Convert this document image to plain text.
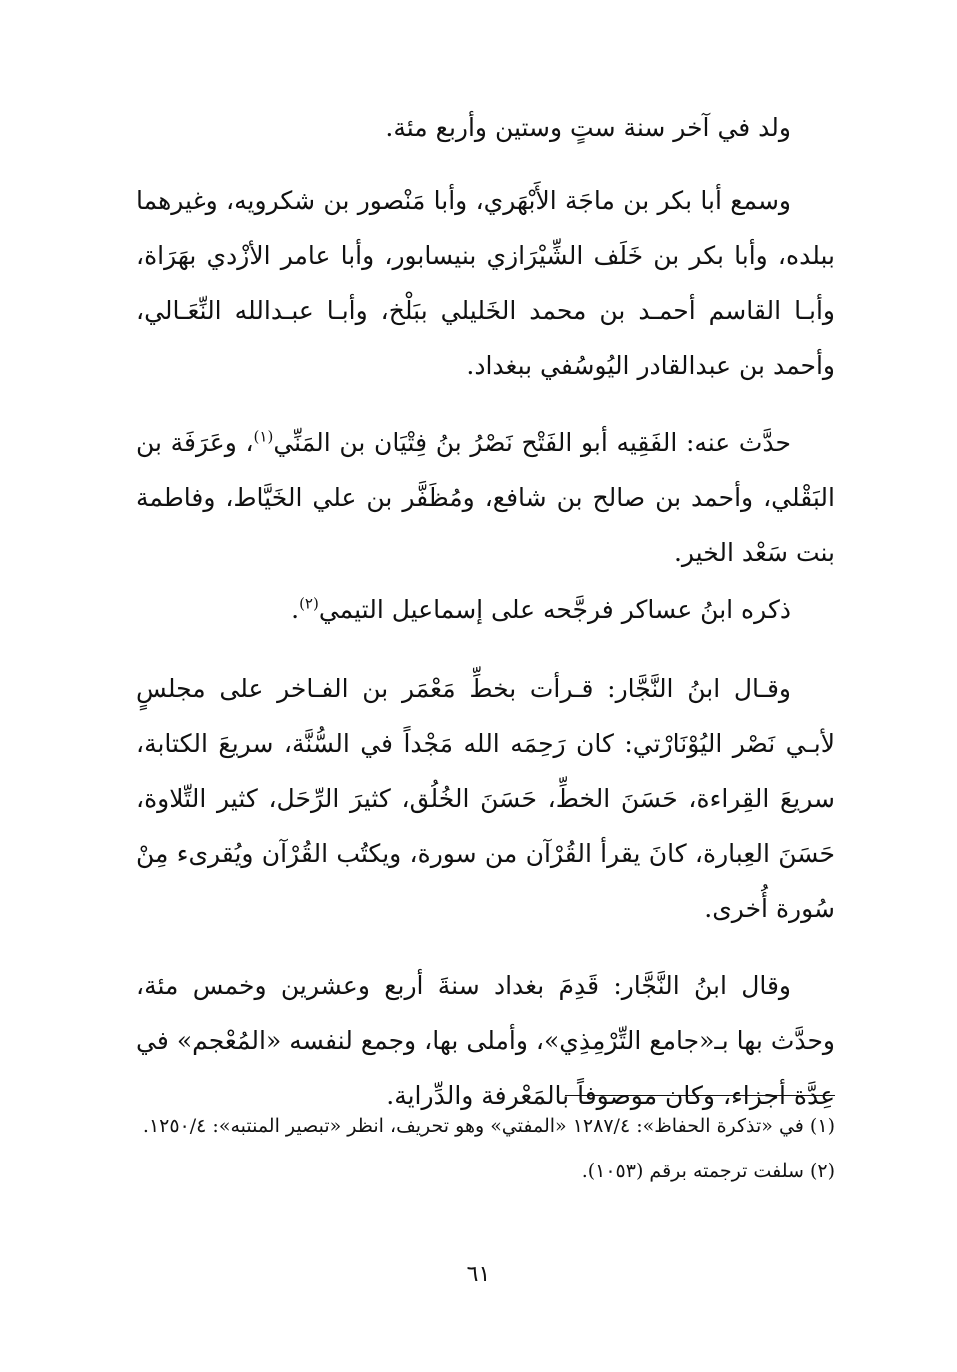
ولد في آخر سنة ستٍ وستين وأربع مئة.

وسمع أبا بكر بن ماجَة الأَبْهَري، وأبا مَنْصور بن شكرويه، وغيرهما ببلده، وأبا بكر بن خَلَف الشِّيْرَازي بنيسابور، وأبا عامر الأزْدي بهَرَاة، وأبـا القاسم أحمـد بن محمد الخَليلي ببَلْخ، وأبـا عبـدالله النِّعَـالي، وأحمد بن عبدالقادر اليُوسُفي ببغداد.

حدَّث عنه: الفَقِيه أبو الفَتْح نَصْرُ بنُ فِتْيَان بن المَنِّي$^{(١)}$، وعَرَفَة بن البَقْلي، وأحمد بن صالح بن شافع، ومُظَفَّر بن علي الخَيَّاط، وفاطمة بنت سَعْد الخير.

ذكره ابنُ عساكر فرجَّحه على إسماعيل التيمي$^{(٢)}$.

وقـال ابنُ النَّجَّار: قـرأت بخطِّ مَعْمَر بن الفـاخر على مجلسٍ لأبـي نَصْر اليُوْنَارْتي: كان رَحِمَه الله مَجْداً في السُّنَّة، سريعَ الكتابة، سريعَ القِراءة، حَسَنَ الخطِّ، حَسَنَ الخُلُق، كثيرَ الرِّحَل، كثير التِّلاوة، حَسَنَ العِبارة، كانَ يقرأ القُرْآن من سورة، ويكتُب القُرْآن ويُقرىء مِنْ سُورة أُخرى.

وقال ابنُ النَّجَّار: قَدِمَ بغداد سنةَ أربع وعشرين وخمس مئة، وحدَّث بها بـ«جامع التِّرْمِذِي»، وأملى بها، وجمع لنفسه «المُعْجم» في عِدَّة أجزاء، وكان موصوفاً بالمَعْرفة والدِّراية.

(١) في «تذكرة الحفاظ»: ١٢٨٧/٤ «المفتي» وهو تحريف، انظر «تبصير المنتبه»: ١٢٥٠/٤.

(٢) سلفت ترجمته برقم (١٠٥٣).

٦١
